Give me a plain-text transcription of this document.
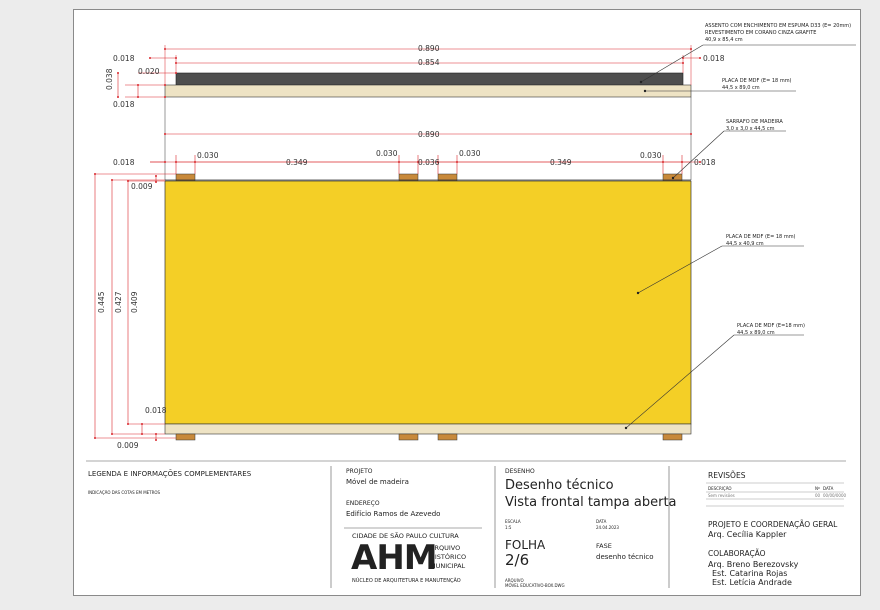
0.890
0.854
0.018	0.018
0.020
0.038
0.018
0.890
0.018
0.030
0.349
0.030
0.036
0.030
0.349
0.030
0.018
0.009
0.445 0.427 0.409
0.018
0.009
ASSENTO COM ENCHIMENTO EM ESPUMA D33 (E= 20mm)
REVESTIMENTO EM CORANO CINZA GRAFITE
40,9 x 85,4 cm
PLACA DE MDF (E= 18 mm)
44,5 x 89,0 cm
SARRAFO DE MADEIRA
3,0 x 3,0 x 44,5 cm
PLACA DE MDF (E= 18 mm)
44,5 x 40,9 cm
PLACA DE MDF (E=18 mm)
44,5 x 89,0 cm
LEGENDA E INFORMAÇÕES COMPLEMENTARES
INDICAÇÃO DAS COTAS EM METROS
PROJETO
Móvel de madeira
ENDEREÇO
Edifício Ramos de Azevedo
CIDADE DE SÃO PAULO CULTURA
AHM
ARQUIVO
HISTÓRICO
MUNICIPAL
NÚCLEO DE ARQUITETURA E MANUTENÇÃO
DESENHO
Desenho técnico
Vista frontal tampa aberta
ESCALA
1:5
DATA
24.04.2023
FOLHA
2/6
FASE
desenho técnico
ARQUIVO
MÓVEL EDUCATIVO-BOX.DWG
REVISÕES
DESCRIÇÃO	Nº DATA
Sem revisões	00 00/00/0000
PROJETO E COORDENAÇÃO GERAL
Arq. Cecília Kappler
COLABORAÇÃO
Arq. Breno Berezovsky
Est. Catarina Rojas
Est. Letícia Andrade
